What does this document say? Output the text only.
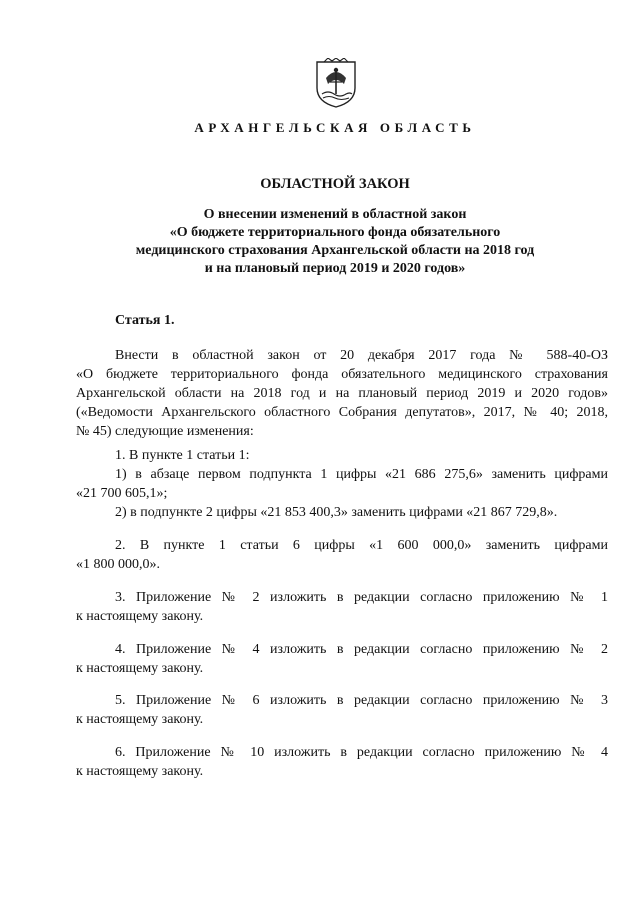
АРХАНГЕЛЬСКАЯ ОБЛАСТЬ
ОБЛАСТНОЙ ЗАКОН
О внесении изменений в областной закон
«О бюджете территориального фонда обязательного
медицинского страхования Архангельской области на 2018 год
и на плановый период 2019 и 2020 годов»
Статья 1.
Внести в областной закон от 20 декабря 2017 года № 588-40-ОЗ
«О бюджете территориального фонда обязательного медицинского страхования
Архангельской области на 2018 год и на плановый период 2019 и 2020 годов»
(«Ведомости Архангельского областного Собрания депутатов», 2017, № 40; 2018,
№ 45) следующие изменения:
1. В пункте 1 статьи 1:
1) в абзаце первом подпункта 1 цифры «21 686 275,6» заменить цифрами
«21 700 605,1»;
2) в подпункте 2 цифры «21 853 400,3» заменить цифрами «21 867 729,8».
2. В пункте 1 статьи 6 цифры «1 600 000,0» заменить цифрами
«1 800 000,0».
3. Приложение № 2 изложить в редакции согласно приложению № 1
к настоящему закону.
4. Приложение № 4 изложить в редакции согласно приложению № 2
к настоящему закону.
5. Приложение № 6 изложить в редакции согласно приложению № 3
к настоящему закону.
6. Приложение № 10 изложить в редакции согласно приложению № 4
к настоящему закону.
